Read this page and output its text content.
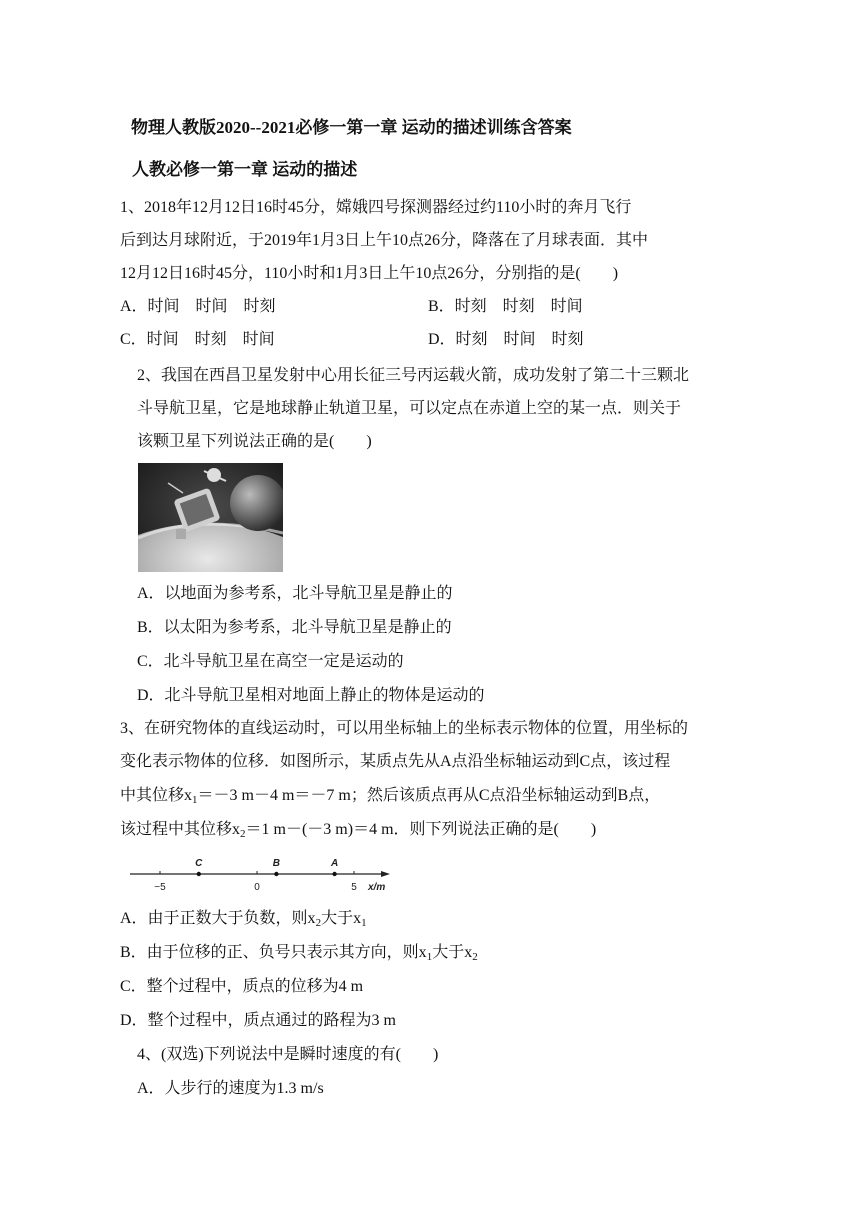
物理人教版2020--2021必修一第一章 运动的描述训练含答案
人教必修一第一章 运动的描述
1、2018年12月12日16时45分，嫦娥四号探测器经过约110小时的奔月飞行
后到达月球附近，于2019年1月3日上午10点26分，降落在了月球表面．其中
12月12日16时45分，110小时和1月3日上午10点26分，分别指的是(　　)
A．时间　时间　时刻	B．时刻　时刻　时间
C．时间　时刻　时间	D．时刻　时间　时刻
2、我国在西昌卫星发射中心用长征三号丙运载火箭，成功发射了第二十三颗北
斗导航卫星，它是地球静止轨道卫星，可以定点在赤道上空的某一点．则关于
该颗卫星下列说法正确的是(　　)
A．以地面为参考系，北斗导航卫星是静止的
B．以太阳为参考系，北斗导航卫星是静止的
C．北斗导航卫星在高空一定是运动的
D．北斗导航卫星相对地面上静止的物体是运动的
3、在研究物体的直线运动时，可以用坐标轴上的坐标表示物体的位置，用坐标的
变化表示物体的位移．如图所示，某质点先从A点沿坐标轴运动到C点，该过程
中其位移$x_1=-3$ m－4 m＝－7 m；然后该质点再从C点沿坐标轴运动到B点，
该过程中其位移$x_2=1$ m－(－3 m)＝4 m．则下列说法正确的是(　　)
−5	0	5
C	B	A
x/m
A．由于正数大于负数，则$x_2$大于$x_1$
B．由于位移的正、负号只表示其方向，则$x_1$大于$x_2$
C．整个过程中，质点的位移为4 m
D．整个过程中，质点通过的路程为3 m
4、(双选)下列说法中是瞬时速度的有(　　)
A．人步行的速度为1.3 m/s
